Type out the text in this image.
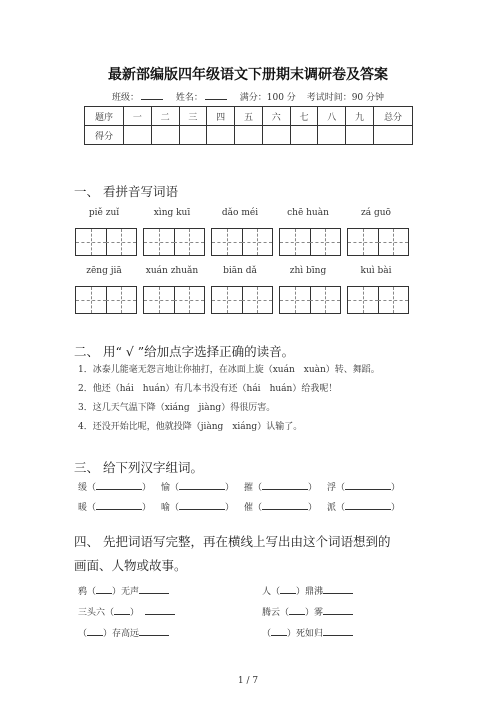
最新部编版四年级语文下册期末调研卷及答案
班级：	姓名：	满分：100 分 考试时间：90 分钟
题序	一	二	三	四	五	六	七	八	九	总分
得分										
一、 看拼音写词语
piě zuǐ	xìng kuī	dǎo méi	chē huàn	zá guō
zēng jiā	xuán zhuǎn	biān dǎ	zhì bīng	kuì bài
二、 用“ √ ”给加点字选择正确的读音。
1．冰泰儿能毫无怨言地让你抽打，在冰面上旋（xuán　xuàn）转、舞蹈。
2．他还（hái　huán）有几本书没有还（hái　huán）给我呢！
3．这几天气温下降（xiáng　jiàng）得很厉害。
4．还没开始比呢，他就投降（jiàng　xiáng）认输了。
三、 给下列汉字组词。
缓（	） 愉（	） 摧（	） 浮（	）
暖（	） 喻（	） 催（	） 派（	）
四、 先把词语写完整，再在横线上写出由这个词语想到的
画面、人物或故事。
鸦（ ）无声
三头六（ ）
（ ）存高远
人（ ）鼎沸
腾云（ ）雾
（ ）死如归
1 / 7
